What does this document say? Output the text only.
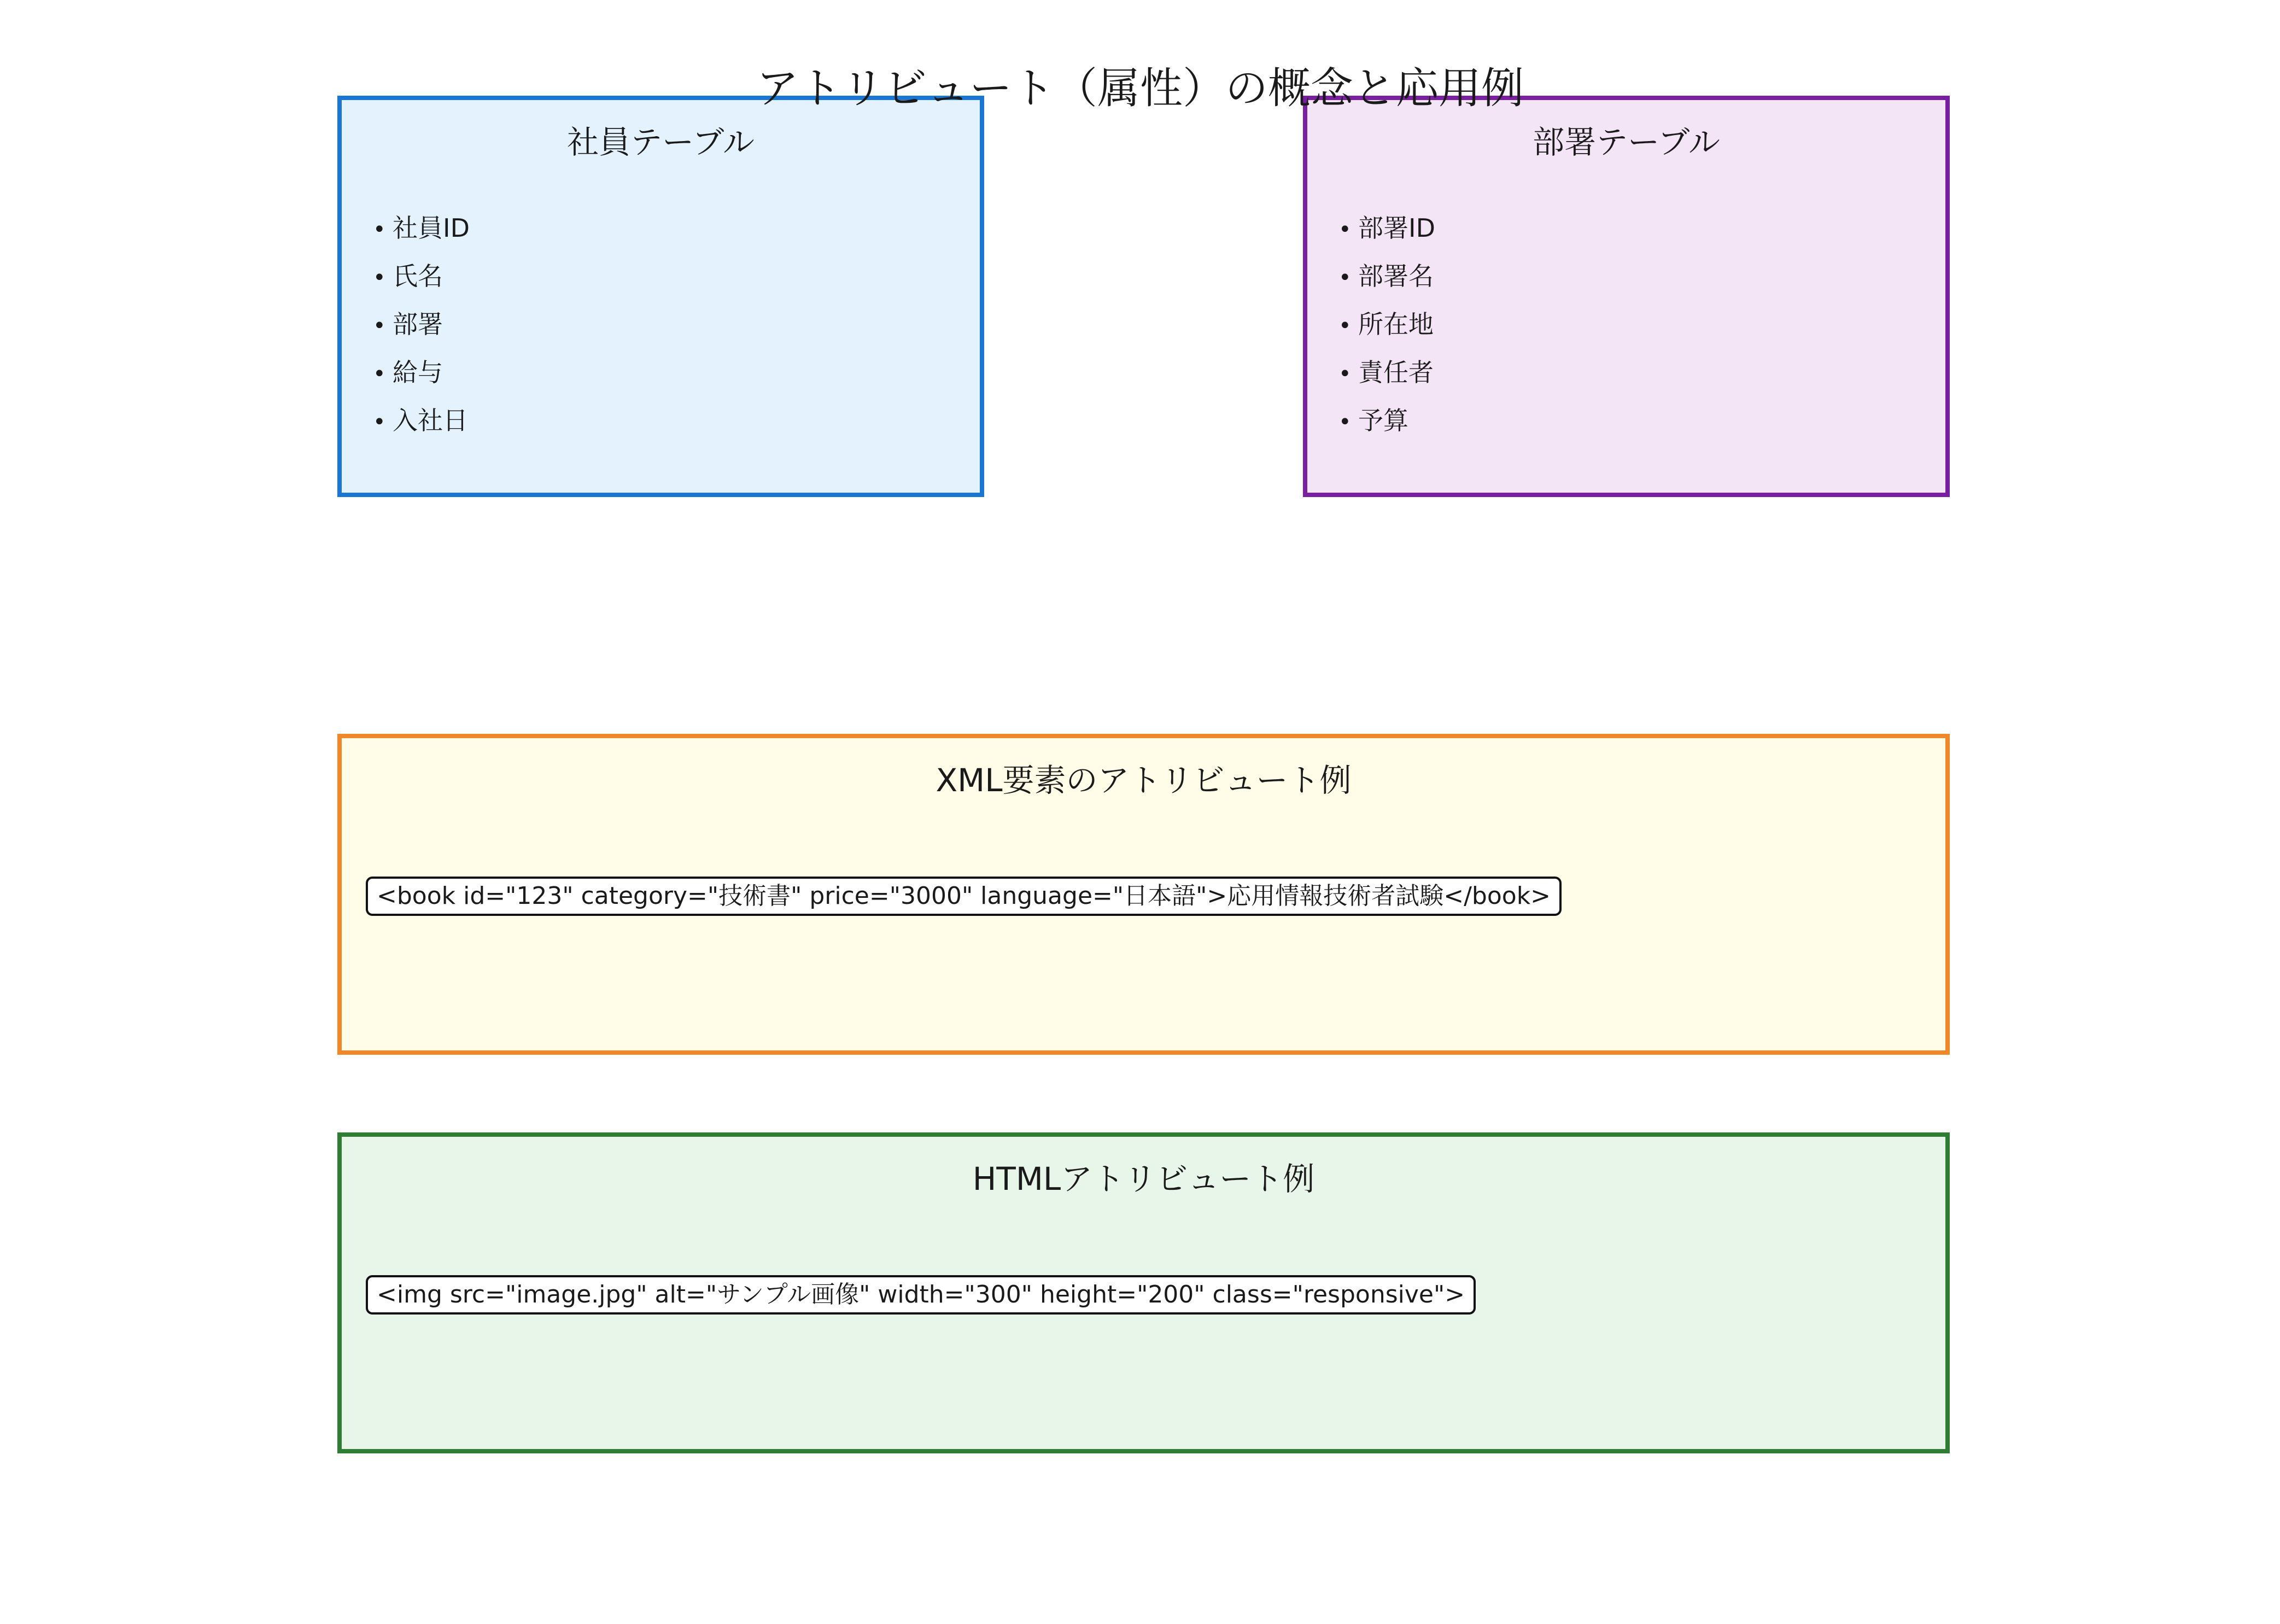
アトリビュート（属性）の概念と応用例
社員テーブル
• 社員ID
• 氏名
• 部署
• 給与
• 入社日
部署テーブル
• 部署ID
• 部署名
• 所在地
• 責任者
• 予算
XML要素のアトリビュート例
<book id="123" category="技術書" price="3000" language="日本語">応用情報技術者試験</book>
HTMLアトリビュート例
<img src="image.jpg" alt="サンプル画像" width="300" height="200" class="responsive">
